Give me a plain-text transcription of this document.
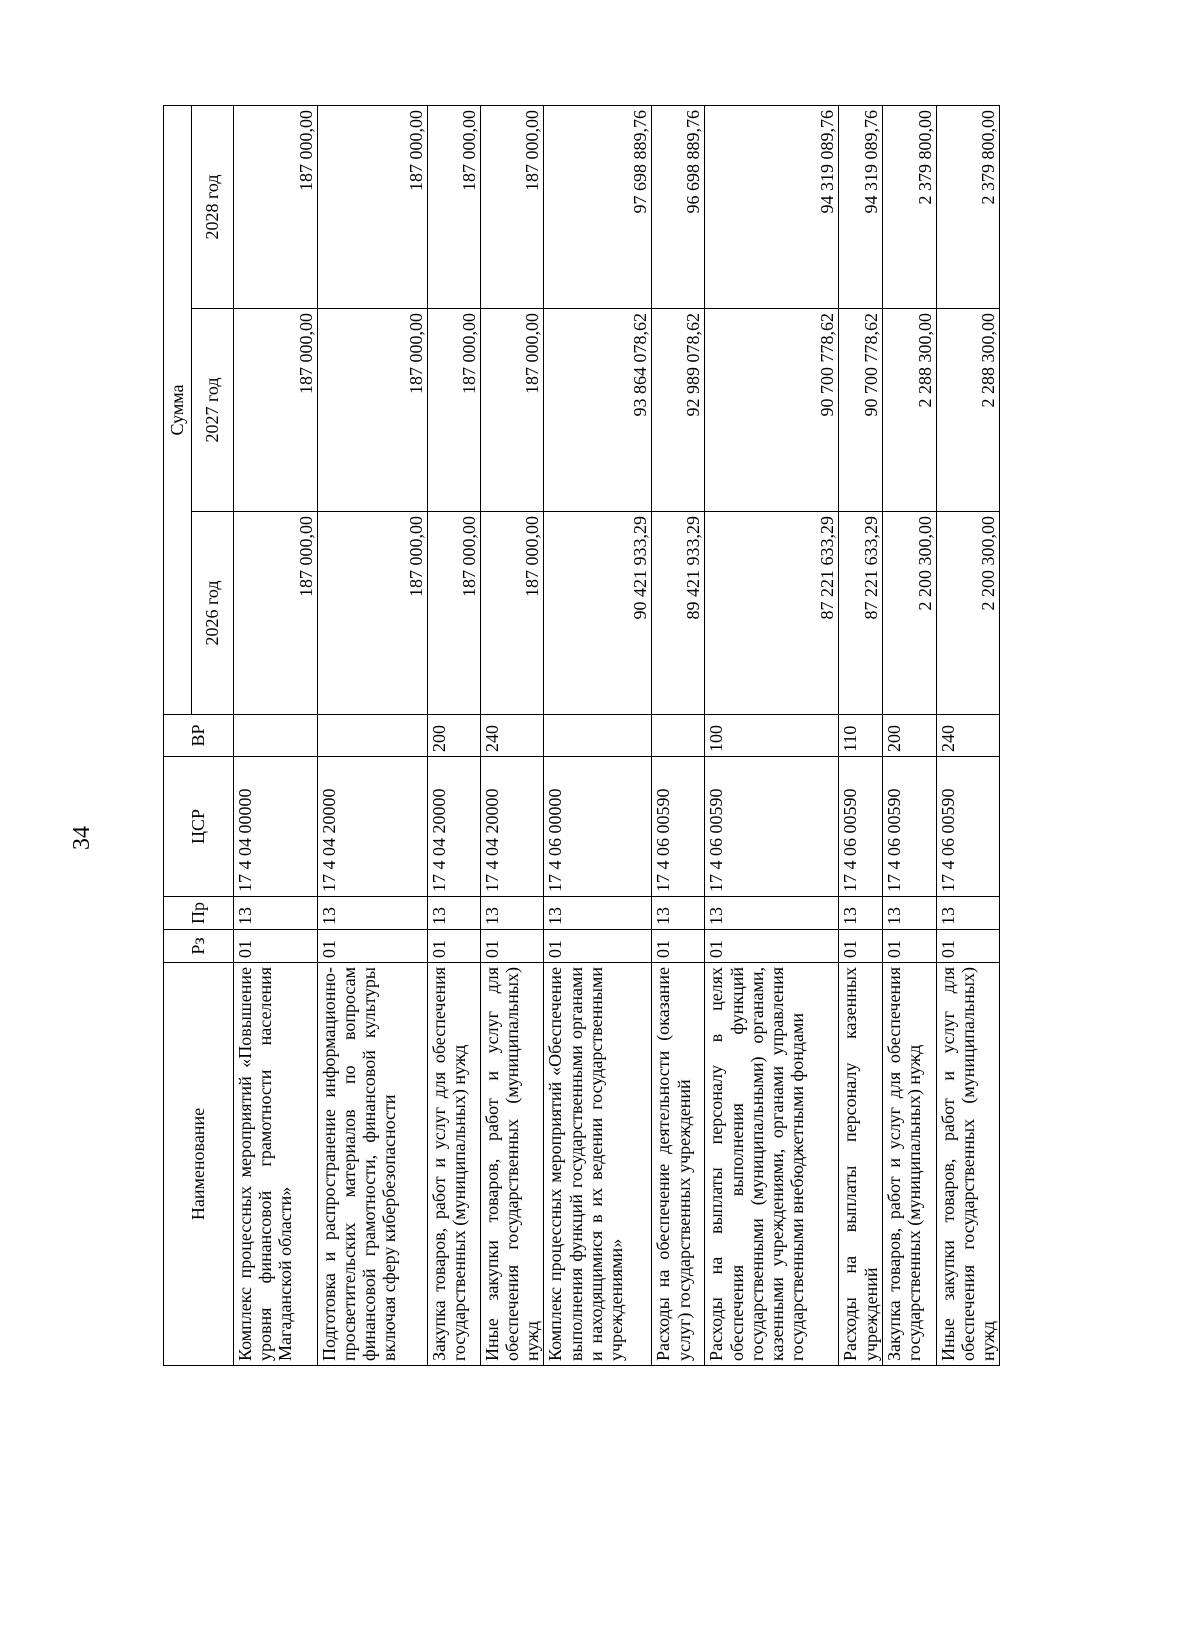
34
Наименование	Рз	Пр	ЦСР	ВР	Сумма		
					2026 год	2027 год	2028 год
Комплекс процессных мероприятий «Повышение уровня финансовой грамотности населения Магаданской области»	01	13	17 4 04 00000		187 000,00	187 000,00	187 000,00
Подготовка и распространение информационно-просветительских материалов по вопросам финансовой грамотности, финансовой культуры включая сферу кибербезопасности	01	13	17 4 04 20000		187 000,00	187 000,00	187 000,00
Закупка товаров, работ и услуг для обеспечения государственных (муниципальных) нужд	01	13	17 4 04 20000	200	187 000,00	187 000,00	187 000,00
Иные закупки товаров, работ и услуг для обеспечения государственных (муниципальных) нужд	01	13	17 4 04 20000	240	187 000,00	187 000,00	187 000,00
Комплекс процессных мероприятий «Обеспечение выполнения функций государственными органами и находящимися в их ведении государственными учреждениями»	01	13	17 4 06 00000		90 421 933,29	93 864 078,62	97 698 889,76
Расходы на обеспечение деятельности (оказание услуг) государственных учреждений	01	13	17 4 06 00590		89 421 933,29	92 989 078,62	96 698 889,76
Расходы на выплаты персоналу в целях обеспечения выполнения функций государственными (муниципальными) органами, казенными учреждениями, органами управления государственными внебюджетными фондами	01	13	17 4 06 00590	100	87 221 633,29	90 700 778,62	94 319 089,76
Расходы на выплаты персоналу казенных учреждений	01	13	17 4 06 00590	110	87 221 633,29	90 700 778,62	94 319 089,76
Закупка товаров, работ и услуг для обеспечения государственных (муниципальных) нужд	01	13	17 4 06 00590	200	2 200 300,00	2 288 300,00	2 379 800,00
Иные закупки товаров, работ и услуг для обеспечения государственных (муниципальных) нужд	01	13	17 4 06 00590	240	2 200 300,00	2 288 300,00	2 379 800,00
